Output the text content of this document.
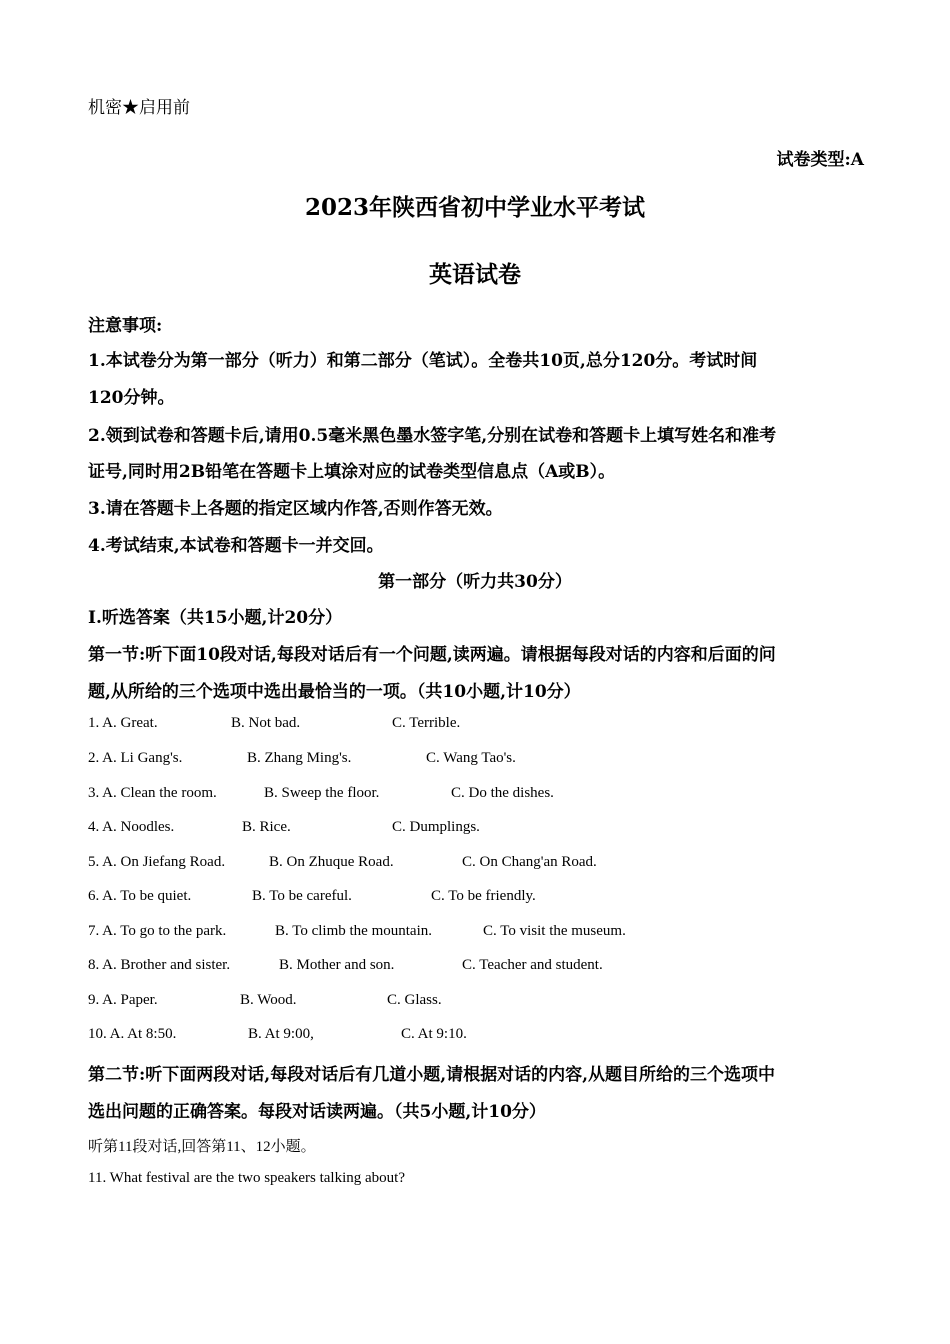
机密★启用前
试卷类型:A
2023年陕西省初中学业水平考试
英语试卷
注意事项:
1.本试卷分为第一部分（听力）和第二部分（笔试）。全卷共10页,总分120分。考试时间
120分钟。
2.领到试卷和答题卡后,请用0.5毫米黑色墨水签字笔,分别在试卷和答题卡上填写姓名和准考
证号,同时用2B铅笔在答题卡上填涂对应的试卷类型信息点（A或B）。
3.请在答题卡上各题的指定区域内作答,否则作答无效。
4.考试结束,本试卷和答题卡一并交回。
第一部分（听力共30分）
I.听选答案（共15小题,计20分）
第一节:听下面10段对话,每段对话后有一个问题,读两遍。请根据每段对话的内容和后面的问
题,从所给的三个选项中选出最恰当的一项。（共10小题,计10分）
1. A. Great.	B. Not bad.	C. Terrible.
2. A. Li Gang's.	B. Zhang Ming's.	C. Wang Tao's.
3. A. Clean the room.	B. Sweep the floor.	C. Do the dishes.
4. A. Noodles.	B. Rice.	C. Dumplings.
5. A. On Jiefang Road.	B. On Zhuque Road.	C. On Chang'an Road.
6. A. To be quiet.	B. To be careful.	C. To be friendly.
7. A. To go to the park.	B. To climb the mountain.	C. To visit the museum.
8. A. Brother and sister.	B. Mother and son.	C. Teacher and student.
9. A. Paper.	B. Wood.	C. Glass.
10. A. At 8:50.	B. At 9:00,	C. At 9:10.
第二节:听下面两段对话,每段对话后有几道小题,请根据对话的内容,从题目所给的三个选项中
选出问题的正确答案。每段对话读两遍。（共5小题,计10分）
听第11段对话,回答第11、12小题。
11. What festival are the two speakers talking about?
